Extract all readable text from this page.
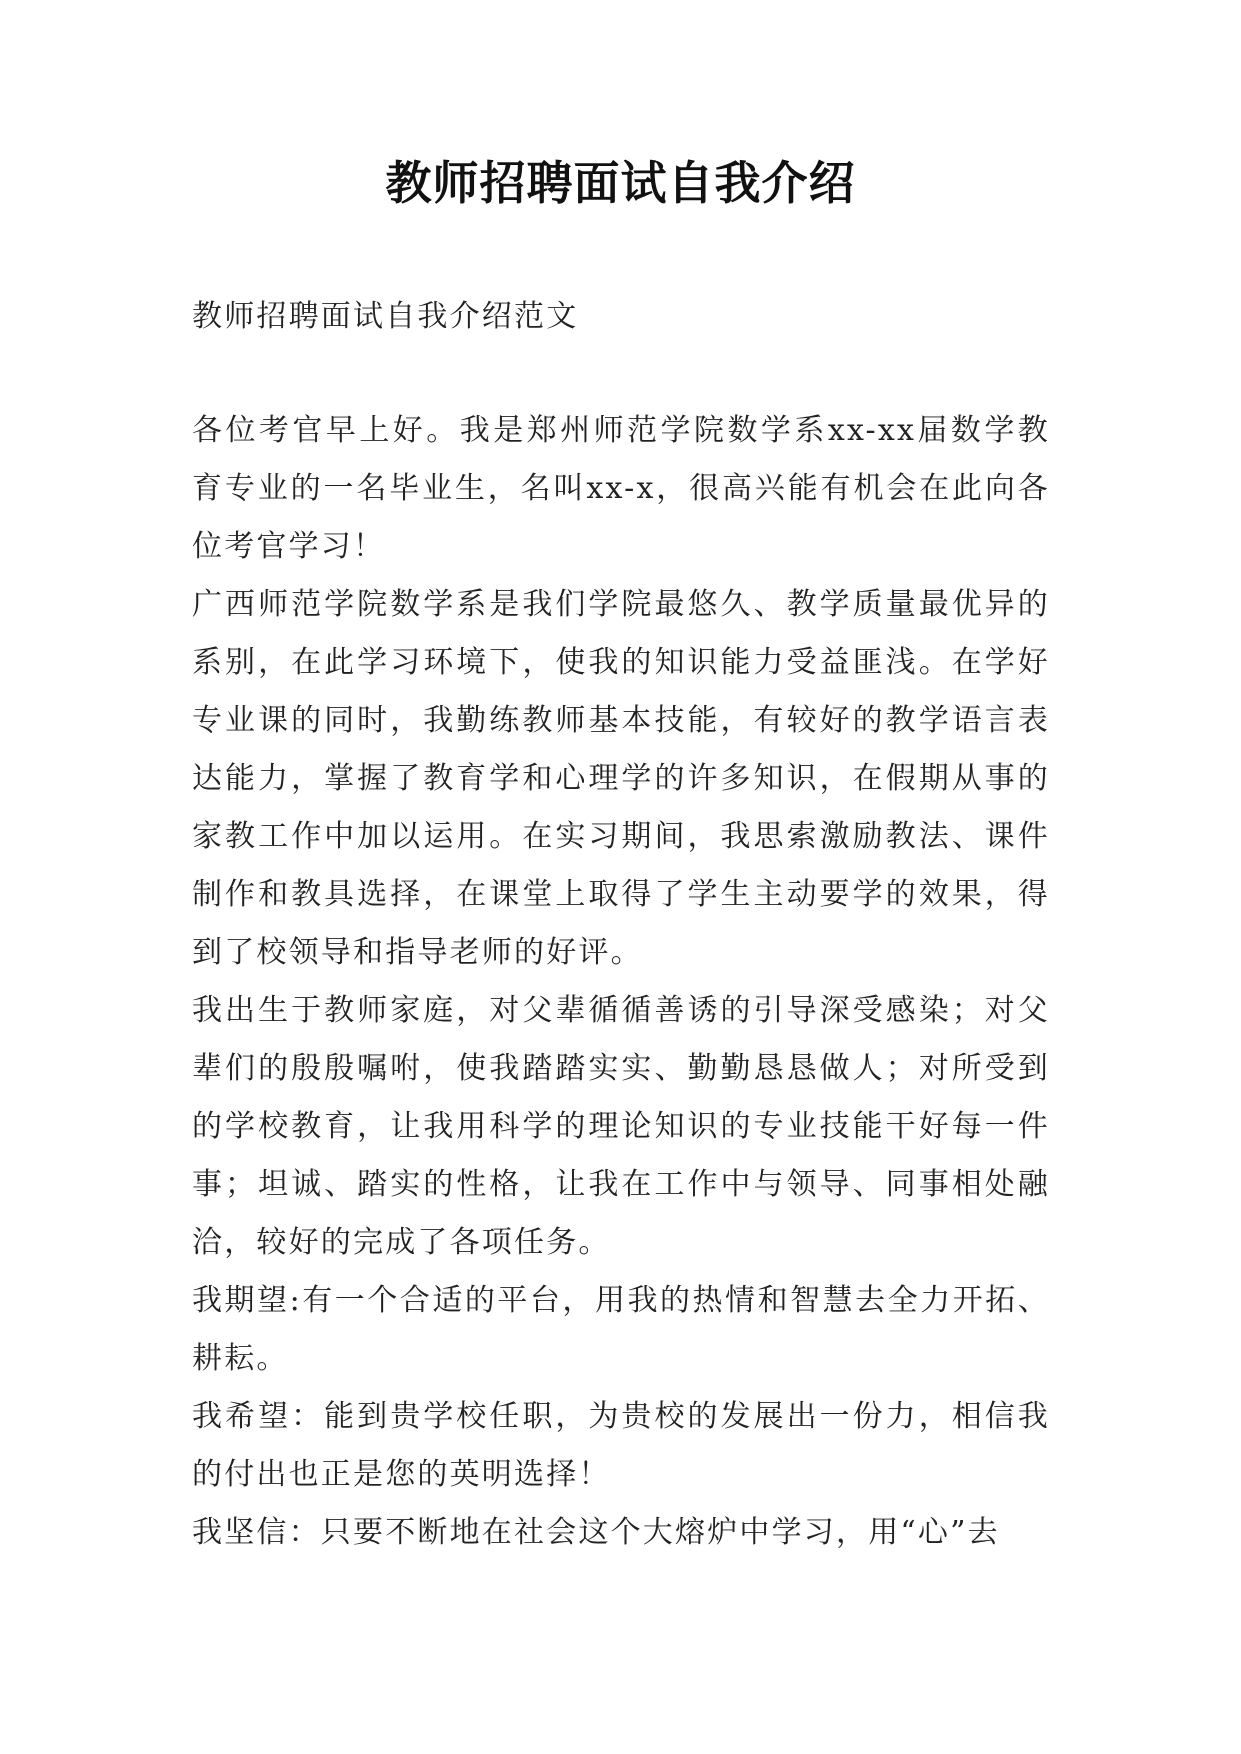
教师招聘面试自我介绍

教师招聘面试自我介绍范文

各位考官早上好。我是郑州师范学院数学系xx-xx届数学教育专业的一名毕业生，名叫xx-x，很高兴能有机会在此向各位考官学习！

广西师范学院数学系是我们学院最悠久、教学质量最优异的系别，在此学习环境下，使我的知识能力受益匪浅。在学好专业课的同时，我勤练教师基本技能，有较好的教学语言表达能力，掌握了教育学和心理学的许多知识，在假期从事的家教工作中加以运用。在实习期间，我思索激励教法、课件制作和教具选择，在课堂上取得了学生主动要学的效果，得到了校领导和指导老师的好评。

我出生于教师家庭，对父辈循循善诱的引导深受感染；对父辈们的殷殷嘱咐，使我踏踏实实、勤勤恳恳做人；对所受到的学校教育，让我用科学的理论知识的专业技能干好每一件事；坦诚、踏实的性格，让我在工作中与领导、同事相处融洽，较好的完成了各项任务。

我期望:有一个合适的平台，用我的热情和智慧去全力开拓、耕耘。

我希望：能到贵学校任职，为贵校的发展出一份力，相信我的付出也正是您的英明选择！

我坚信：只要不断地在社会这个大熔炉中学习，用“心”去
